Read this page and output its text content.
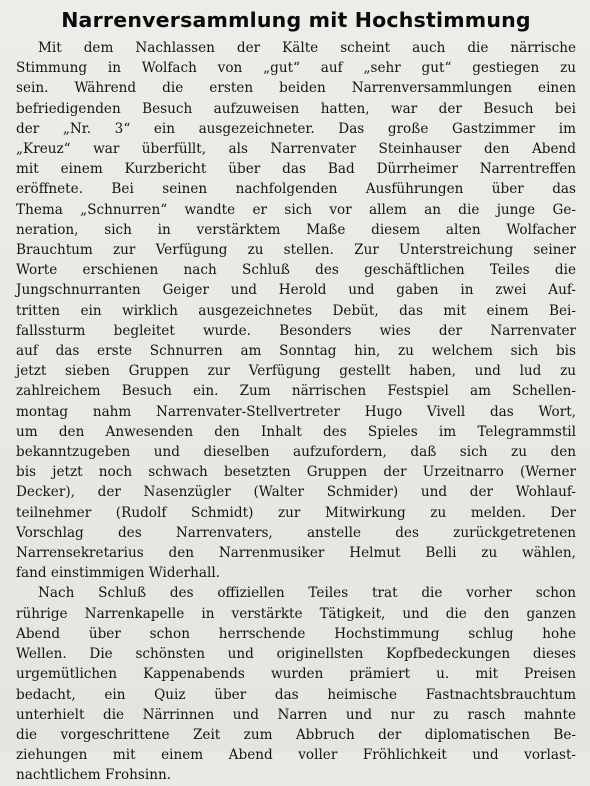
Narrenversammlung mit Hochstimmung

Mit dem Nachlassen der Kälte scheint auch die närrische
Stimmung in Wolfach von „gut“ auf „sehr gut“ gestiegen zu
sein. Während die ersten beiden Narrenversammlungen einen
befriedigenden Besuch aufzuweisen hatten, war der Besuch bei
der „Nr. 3“ ein ausgezeichneter. Das große Gastzimmer im
„Kreuz“ war überfüllt, als Narrenvater Steinhauser den Abend
mit einem Kurzbericht über das Bad Dürrheimer Narrentreffen
eröffnete. Bei seinen nachfolgenden Ausführungen über das
Thema „Schnurren“ wandte er sich vor allem an die junge Ge-
neration, sich in verstärktem Maße diesem alten Wolfacher
Brauchtum zur Verfügung zu stellen. Zur Unterstreichung seiner
Worte erschienen nach Schluß des geschäftlichen Teiles die
Jungschnurranten Geiger und Herold und gaben in zwei Auf-
tritten ein wirklich ausgezeichnetes Debüt, das mit einem Bei-
fallssturm begleitet wurde. Besonders wies der Narrenvater
auf das erste Schnurren am Sonntag hin, zu welchem sich bis
jetzt sieben Gruppen zur Verfügung gestellt haben, und lud zu
zahlreichem Besuch ein. Zum närrischen Festspiel am Schellen-
montag nahm Narrenvater-Stellvertreter Hugo Vivell das Wort,
um den Anwesenden den Inhalt des Spieles im Telegrammstil
bekanntzugeben und dieselben aufzufordern, daß sich zu den
bis jetzt noch schwach besetzten Gruppen der Urzeitnarro (Werner
Decker), der Nasenzügler (Walter Schmider) und der Wohlauf-
teilnehmer (Rudolf Schmidt) zur Mitwirkung zu melden. Der
Vorschlag des Narrenvaters, anstelle des zurückgetretenen
Narrensekretarius den Narrenmusiker Helmut Belli zu wählen,
fand einstimmigen Widerhall.

Nach Schluß des offiziellen Teiles trat die vorher schon
rührige Narrenkapelle in verstärkte Tätigkeit, und die den ganzen
Abend über schon herrschende Hochstimmung schlug hohe
Wellen. Die schönsten und originellsten Kopfbedeckungen dieses
urgemütlichen Kappenabends wurden prämiert u. mit Preisen
bedacht, ein Quiz über das heimische Fastnachtsbrauchtum
unterhielt die Närrinnen und Narren und nur zu rasch mahnte
die vorgeschrittene Zeit zum Abbruch der diplomatischen Be-
ziehungen mit einem Abend voller Fröhlichkeit und vorlast-
nachtlichem Frohsinn.
